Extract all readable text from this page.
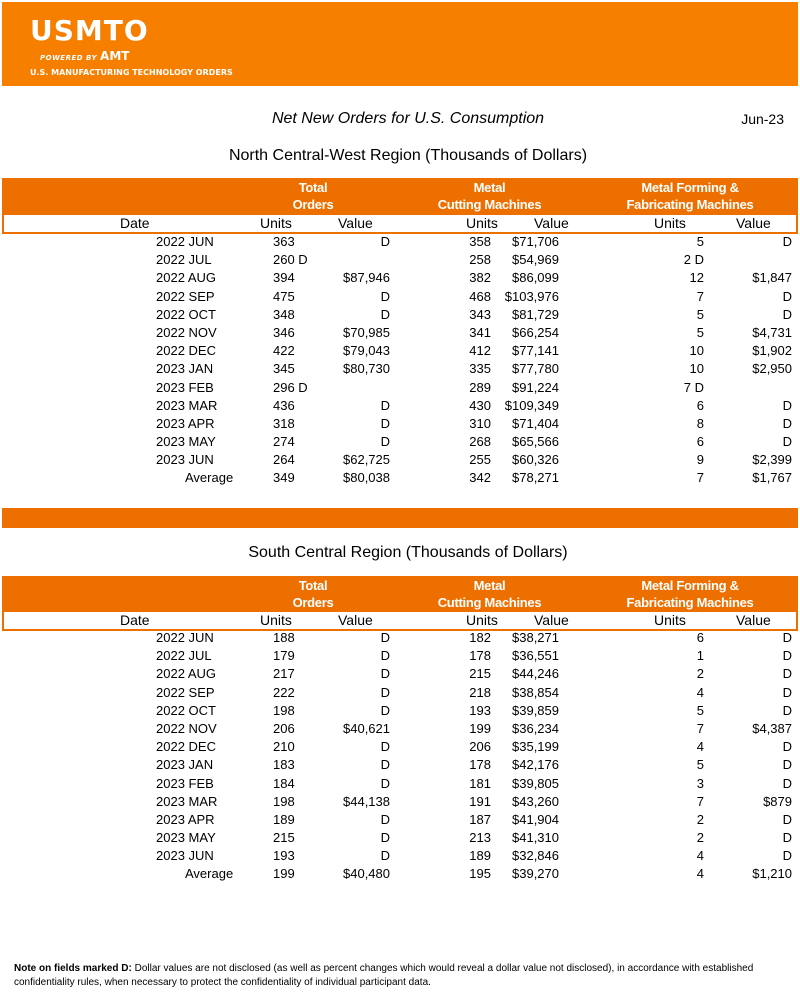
USMTO
POWERED BY AMT
U.S. MANUFACTURING TECHNOLOGY ORDERS
Net New Orders for U.S. Consumption	Jun-23
North Central-West Region (Thousands of Dollars)
Total
Orders
Metal
Cutting Machines
Metal Forming &
Fabricating Machines
Date	Units	Value	Units	Value	Units	Value
2022 JUN	363	D	358 $71,706	5	D
2022 JUL	260 D	258 $54,969	2 D
2022 AUG	394	$87,946	382 $86,099	12	$1,847
2022 SEP	475	D	468 $103,976	7	D
2022 OCT	348	D	343 $81,729	5	D
2022 NOV	346	$70,985	341 $66,254	5	$4,731
2022 DEC	422	$79,043	412 $77,141	10	$1,902
2023 JAN	345	$80,730	335 $77,780	10	$2,950
2023 FEB	296 D	289 $91,224	7 D
2023 MAR	436	D	430 $109,349	6	D
2023 APR	318	D	310 $71,404	8	D
2023 MAY	274	D	268 $65,566	6	D
2023 JUN	264	$62,725	255 $60,326	9	$2,399
Average	349	$80,038	342 $78,271	7	$1,767
South Central Region (Thousands of Dollars)
Total
Orders
Metal
Cutting Machines
Metal Forming &
Fabricating Machines
Date	Units	Value	Units	Value	Units	Value
2022 JUN	188	D	182 $38,271	6	D
2022 JUL	179	D	178 $36,551	1	D
2022 AUG	217	D	215 $44,246	2	D
2022 SEP	222	D	218 $38,854	4	D
2022 OCT	198	D	193 $39,859	5	D
2022 NOV	206	$40,621	199 $36,234	7	$4,387
2022 DEC	210	D	206 $35,199	4	D
2023 JAN	183	D	178 $42,176	5	D
2023 FEB	184	D	181 $39,805	3	D
2023 MAR	198	$44,138	191 $43,260	7	$879
2023 APR	189	D	187 $41,904	2	D
2023 MAY	215	D	213 $41,310	2	D
2023 JUN	193	D	189 $32,846	4	D
Average	199	$40,480	195 $39,270	4	$1,210
Note on fields marked D: Dollar values are not disclosed (as well as percent changes which would reveal a dollar value not disclosed), in accordance with established confidentiality rules, when necessary to protect the confidentiality of individual participant data.
